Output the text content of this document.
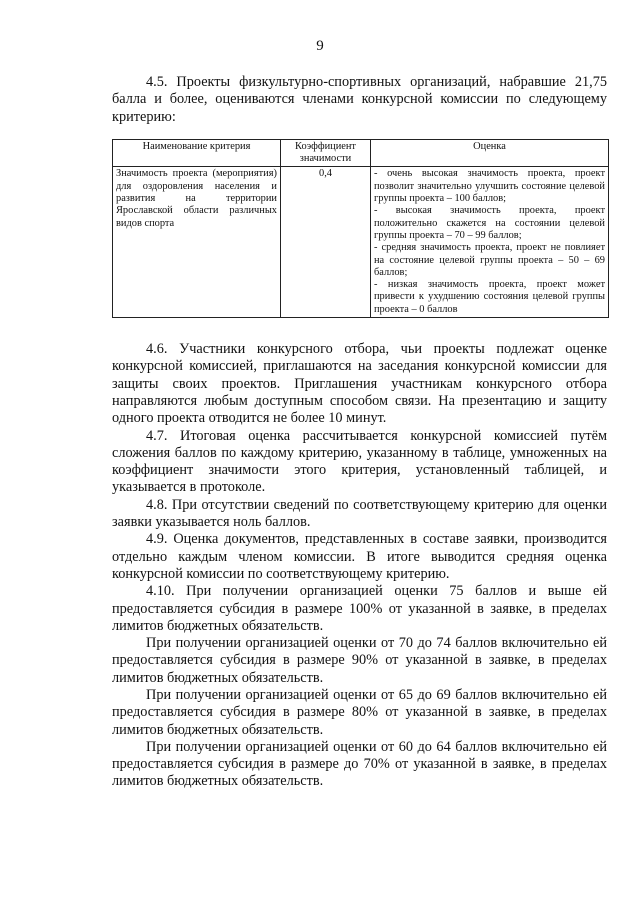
9

4.5. Проекты физкультурно-спортивных организаций, набравшие 21,75 балла и более, оцениваются членами конкурсной комиссии по следующему критерию:

Наименование критерия	Коэффициент значимости	Оценка
Значимость проекта (мероприятия) для оздоровления населения и развития на территории Ярославской области различных видов спорта	0,4	- очень высокая значимость проекта, проект позволит значительно улучшить состояние целевой группы проекта – 100 баллов;
- высокая значимость проекта, проект положительно скажется на состоянии целевой группы проекта – 70 – 99 баллов;
- средняя значимость проекта, проект не повлияет на состояние целевой группы проекта – 50 – 69 баллов;
- низкая значимость проекта, проект может привести к ухудшению состояния целевой группы проекта – 0 баллов

4.6. Участники конкурсного отбора, чьи проекты подлежат оценке конкурсной комиссией, приглашаются на заседания конкурсной комиссии для защиты своих проектов. Приглашения участникам конкурсного отбора направляются любым доступным способом связи. На презентацию и защиту одного проекта отводится не более 10 минут.

4.7. Итоговая оценка рассчитывается конкурсной комиссией путём сложения баллов по каждому критерию, указанному в таблице, умноженных на коэффициент значимости этого критерия, установленный таблицей, и указывается в протоколе.

4.8. При отсутствии сведений по соответствующему критерию для оценки заявки указывается ноль баллов.

4.9. Оценка документов, представленных в составе заявки, производится отдельно каждым членом комиссии. В итоге выводится средняя оценка конкурсной комиссии по соответствующему критерию.

4.10. При получении организацией оценки 75 баллов и выше ей предоставляется субсидия в размере 100% от указанной в заявке, в пределах лимитов бюджетных обязательств.

При получении организацией оценки от 70 до 74 баллов включительно ей предоставляется субсидия в размере 90% от указанной в заявке, в пределах лимитов бюджетных обязательств.

При получении организацией оценки от 65 до 69 баллов включительно ей предоставляется субсидия в размере 80% от указанной в заявке, в пределах лимитов бюджетных обязательств.

При получении организацией оценки от 60 до 64 баллов включительно ей предоставляется субсидия в размере до 70% от указанной в заявке, в пределах лимитов бюджетных обязательств.
